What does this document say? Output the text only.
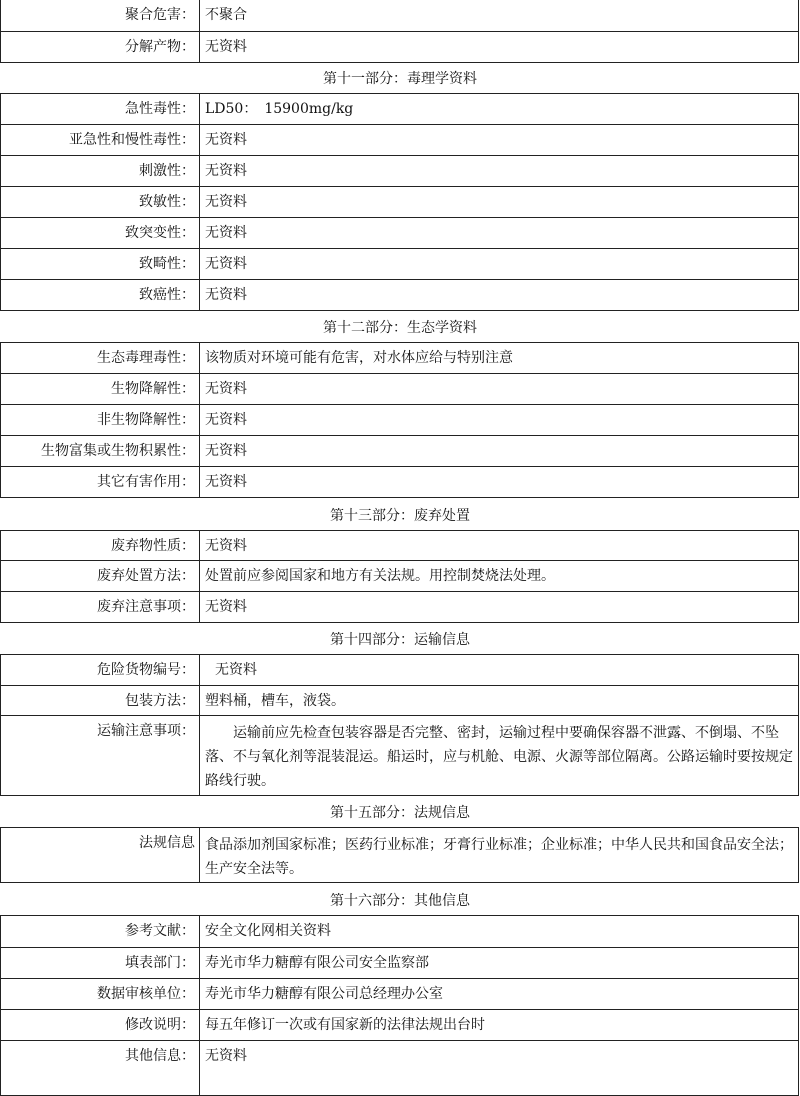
聚合危害： 不聚合
分解产物： 无资料
第十一部分：毒理学资料
急性毒性： LD50：　15900mg/kg
亚急性和慢性毒性： 无资料
刺激性： 无资料
致敏性： 无资料
致突变性： 无资料
致畸性： 无资料
致癌性： 无资料
第十二部分：生态学资料
生态毒理毒性： 该物质对环境可能有危害，对水体应给与特别注意
生物降解性： 无资料
非生物降解性： 无资料
生物富集或生物积累性： 无资料
其它有害作用： 无资料
第十三部分：废弃处置
废弃物性质： 无资料
废弃处置方法： 处置前应参阅国家和地方有关法规。用控制焚烧法处理。
废弃注意事项： 无资料
第十四部分：运输信息
危险货物编号：	无资料
包装方法： 塑料桶，槽车，液袋。
运输注意事项：	运输前应先检查包装容器是否完整、密封，运输过程中要确保容器不泄露、不倒塌、不坠落、不与氧化剂等混装混运。船运时，应与机舱、电源、火源等部位隔离。公路运输时要按规定路线行驶。
第十五部分：法规信息
法规信息 食品添加剂国家标准；医药行业标准；牙膏行业标准；企业标准；中华人民共和国食品安全法；生产安全法等。
第十六部分：其他信息
参考文献： 安全文化网相关资料
填表部门： 寿光市华力糖醇有限公司安全监察部
数据审核单位： 寿光市华力糖醇有限公司总经理办公室
修改说明： 每五年修订一次或有国家新的法律法规出台时
其他信息： 无资料
